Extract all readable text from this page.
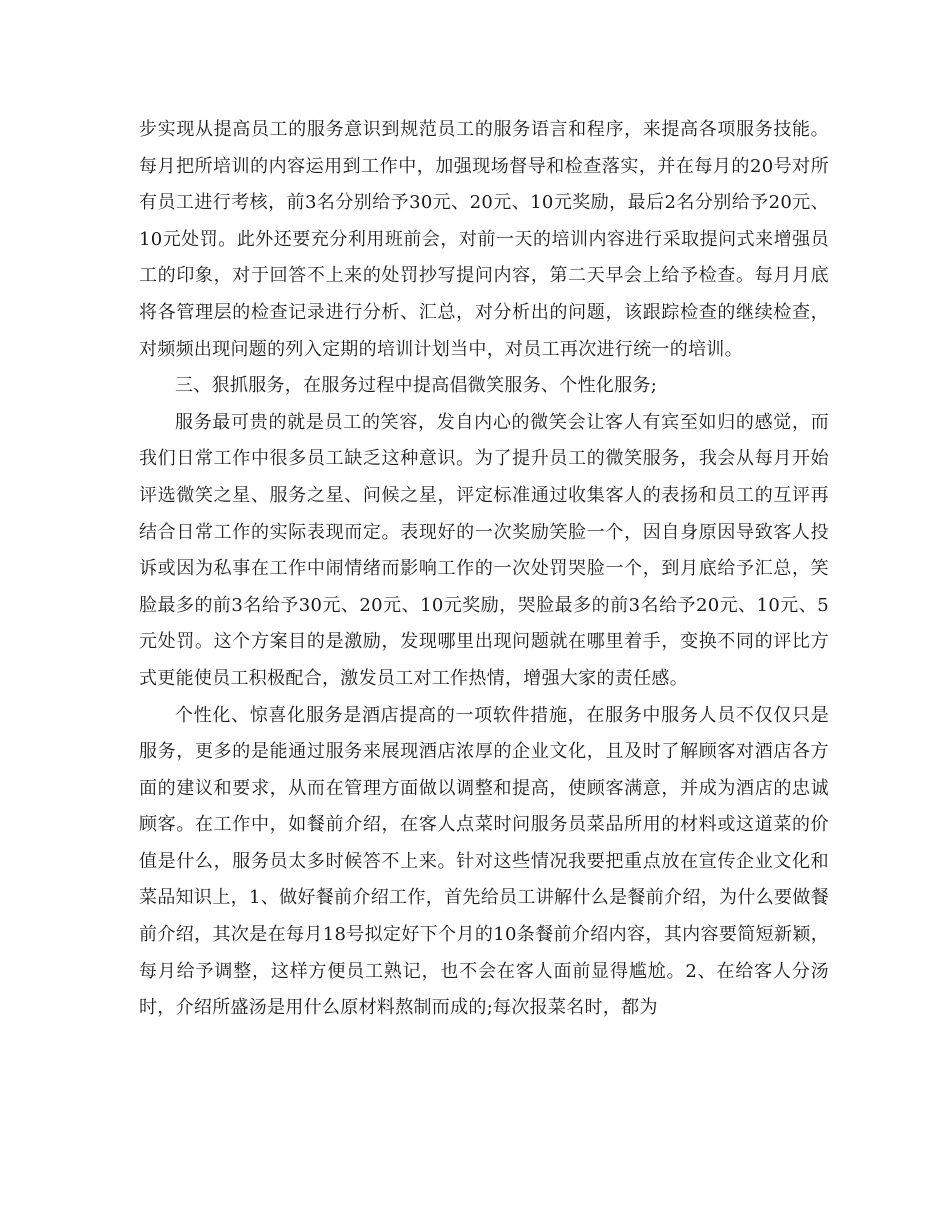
步实现从提高员工的服务意识到规范员工的服务语言和程序，来提高各项服务技能。每月把所培训的内容运用到工作中，加强现场督导和检查落实，并在每月的20号对所有员工进行考核，前3名分别给予30元、20元、10元奖励，最后2名分别给予20元、10元处罚。此外还要充分利用班前会，对前一天的培训内容进行采取提问式来增强员工的印象，对于回答不上来的处罚抄写提问内容，第二天早会上给予检查。每月月底将各管理层的检查记录进行分析、汇总，对分析出的问题，该跟踪检查的继续检查，对频频出现问题的列入定期的培训计划当中，对员工再次进行统一的培训。

三、狠抓服务，在服务过程中提高倡微笑服务、个性化服务;

服务最可贵的就是员工的笑容，发自内心的微笑会让客人有宾至如归的感觉，而我们日常工作中很多员工缺乏这种意识。为了提升员工的微笑服务，我会从每月开始评选微笑之星、服务之星、问候之星，评定标准通过收集客人的表扬和员工的互评再结合日常工作的实际表现而定。表现好的一次奖励笑脸一个，因自身原因导致客人投诉或因为私事在工作中闹情绪而影响工作的一次处罚哭脸一个，到月底给予汇总，笑脸最多的前3名给予30元、20元、10元奖励，哭脸最多的前3名给予20元、10元、5元处罚。这个方案目的是激励，发现哪里出现问题就在哪里着手，变换不同的评比方式更能使员工积极配合，激发员工对工作热情，增强大家的责任感。

个性化、惊喜化服务是酒店提高的一项软件措施，在服务中服务人员不仅仅只是服务，更多的是能通过服务来展现酒店浓厚的企业文化，且及时了解顾客对酒店各方面的建议和要求，从而在管理方面做以调整和提高，使顾客满意，并成为酒店的忠诚顾客。在工作中，如餐前介绍，在客人点菜时问服务员菜品所用的材料或这道菜的价值是什么，服务员太多时候答不上来。针对这些情况我要把重点放在宣传企业文化和菜品知识上，1、做好餐前介绍工作，首先给员工讲解什么是餐前介绍，为什么要做餐前介绍，其次是在每月18号拟定好下个月的10条餐前介绍内容，其内容要简短新颖，每月给予调整，这样方便员工熟记，也不会在客人面前显得尴尬。2、在给客人分汤时，介绍所盛汤是用什么原材料熬制而成的;每次报菜名时，都为
